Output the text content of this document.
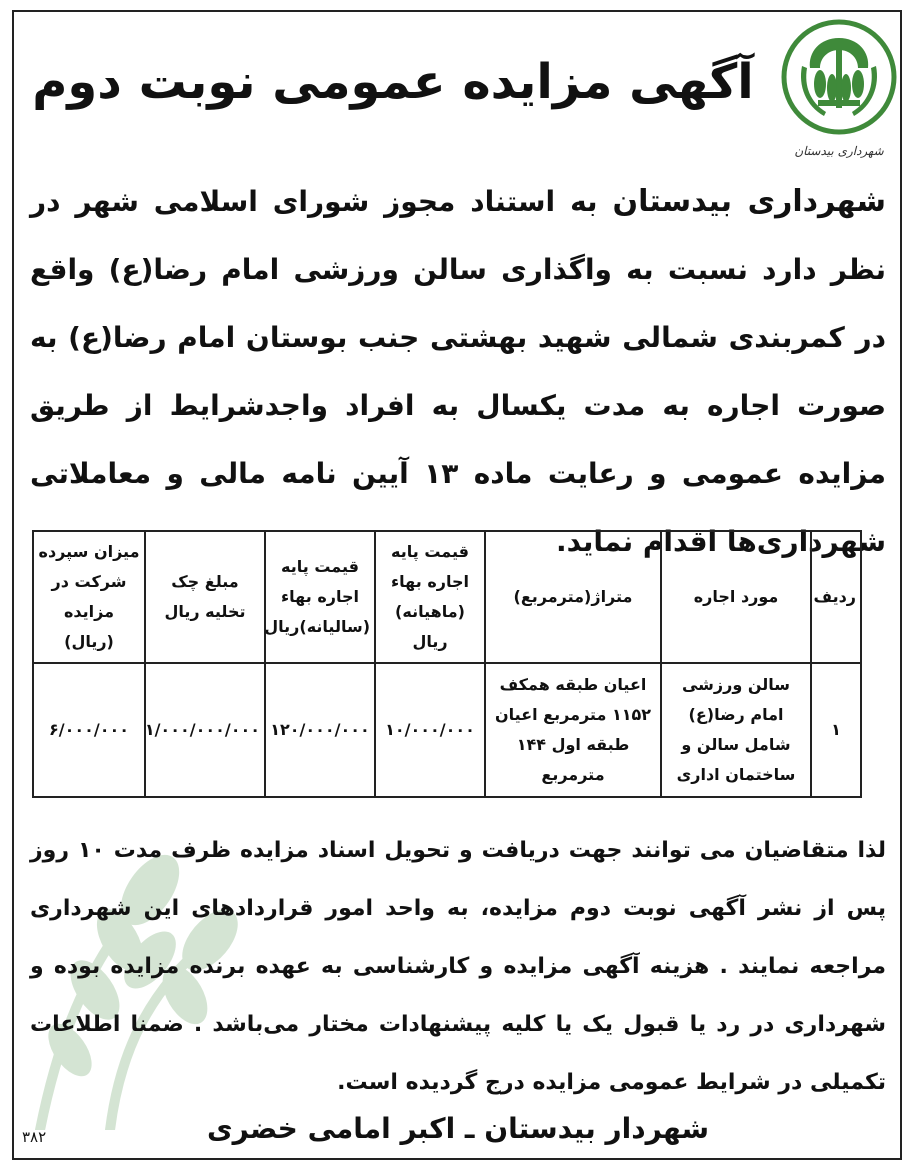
شهرداری بیدستان
آگهی مزایده عمومی نوبت دوم
شهرداری بیدستان به استناد مجوز شورای اسلامی شهر در نظر دارد نسبت به واگذاری سالن ورزشی امام رضا(ع) واقع در کمربندی شمالی شهید بهشتی جنب بوستان امام رضا(ع) به صورت اجاره به مدت یکسال به افراد واجدشرایط از طریق مزایده عمومی و رعایت ماده ۱۳ آیین نامه مالی و معاملاتی شهرداری‌ها اقدام نماید.
ردیف	مورد اجاره	متراژ(مترمربع)	قیمت پایه اجاره بهاء (ماهیانه) ریال	قیمت پایه اجاره بهاء (سالیانه)ریال	مبلغ چک تخلیه ریال	میزان سپرده شرکت در مزایده (ریال)
۱	سالن ورزشی امام رضا(ع) شامل سالن و ساختمان اداری	اعیان طبقه همکف ۱۱۵۲ مترمربع اعیان طبقه اول ۱۴۴ مترمربع	۱۰/۰۰۰/۰۰۰	۱۲۰/۰۰۰/۰۰۰	۱/۰۰۰/۰۰۰/۰۰۰	۶/۰۰۰/۰۰۰
لذا متقاضیان می توانند جهت دریافت و تحویل اسناد مزایده ظرف مدت ۱۰ روز پس از نشر آگهی نوبت دوم مزایده، به واحد امور قراردادهای این شهرداری مراجعه نمایند . هزینه آگهی مزایده و کارشناسی به عهده برنده مزایده بوده و شهرداری در رد یا قبول یک یا کلیه پیشنهادات مختار می‌باشد . ضمنا اطلاعات تکمیلی در شرایط عمومی مزایده درج گردیده است.
شهردار بیدستان ـ اکبر امامی خضری
۳۸۲
